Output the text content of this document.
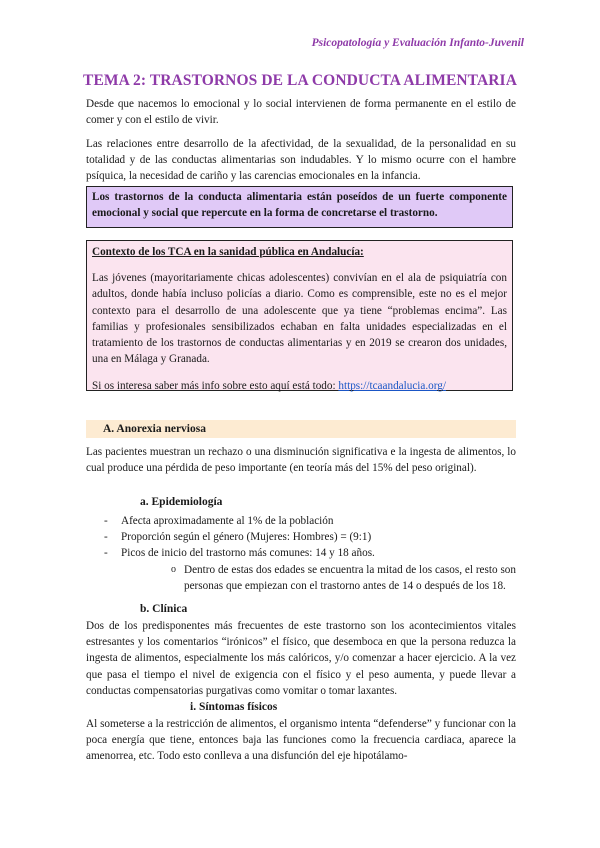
Psicopatología y Evaluación Infanto-Juvenil
TEMA 2: TRASTORNOS DE LA CONDUCTA ALIMENTARIA
Desde que nacemos lo emocional y lo social intervienen de forma permanente en el estilo de comer y con el estilo de vivir.
Las relaciones entre desarrollo de la afectividad, de la sexualidad, de la personalidad en su totalidad y de las conductas alimentarias son indudables. Y lo mismo ocurre con el hambre psíquica, la necesidad de cariño y las carencias emocionales en la infancia.
Los trastornos de la conducta alimentaria están poseídos de un fuerte componente emocional y social que repercute en la forma de concretarse el trastorno.
Contexto de los TCA en la sanidad pública en Andalucía:
Las jóvenes (mayoritariamente chicas adolescentes) convivían en el ala de psiquiatría con adultos, donde había incluso policías a diario. Como es comprensible, este no es el mejor contexto para el desarrollo de una adolescente que ya tiene “problemas encima”. Las familias y profesionales sensibilizados echaban en falta unidades especializadas en el tratamiento de los trastornos de conductas alimentarias y en 2019 se crearon dos unidades, una en Málaga y Granada.
Si os interesa saber más info sobre esto aquí está todo: https://tcaandalucia.org/
A. Anorexia nerviosa
Las pacientes muestran un rechazo o una disminución significativa e la ingesta de alimentos, lo cual produce una pérdida de peso importante (en teoría más del 15% del peso original).
a. Epidemiología
- Afecta aproximadamente al 1% de la población
- Proporción según el género (Mujeres: Hombres) = (9:1)
- Picos de inicio del trastorno más comunes: 14 y 18 años.
o Dentro de estas dos edades se encuentra la mitad de los casos, el resto son personas que empiezan con el trastorno antes de 14 o después de los 18.
b. Clínica
Dos de los predisponentes más frecuentes de este trastorno son los acontecimientos vitales estresantes y los comentarios “irónicos” el físico, que desemboca en que la persona reduzca la ingesta de alimentos, especialmente los más calóricos, y/o comenzar a hacer ejercicio. A la vez que pasa el tiempo el nivel de exigencia con el físico y el peso aumenta, y puede llevar a conductas compensatorias purgativas como vomitar o tomar laxantes.
i. Síntomas físicos
Al someterse a la restricción de alimentos, el organismo intenta “defenderse” y funcionar con la poca energía que tiene, entonces baja las funciones como la frecuencia cardiaca, aparece la amenorrea, etc. Todo esto conlleva a una disfunción del eje hipotálamo-
